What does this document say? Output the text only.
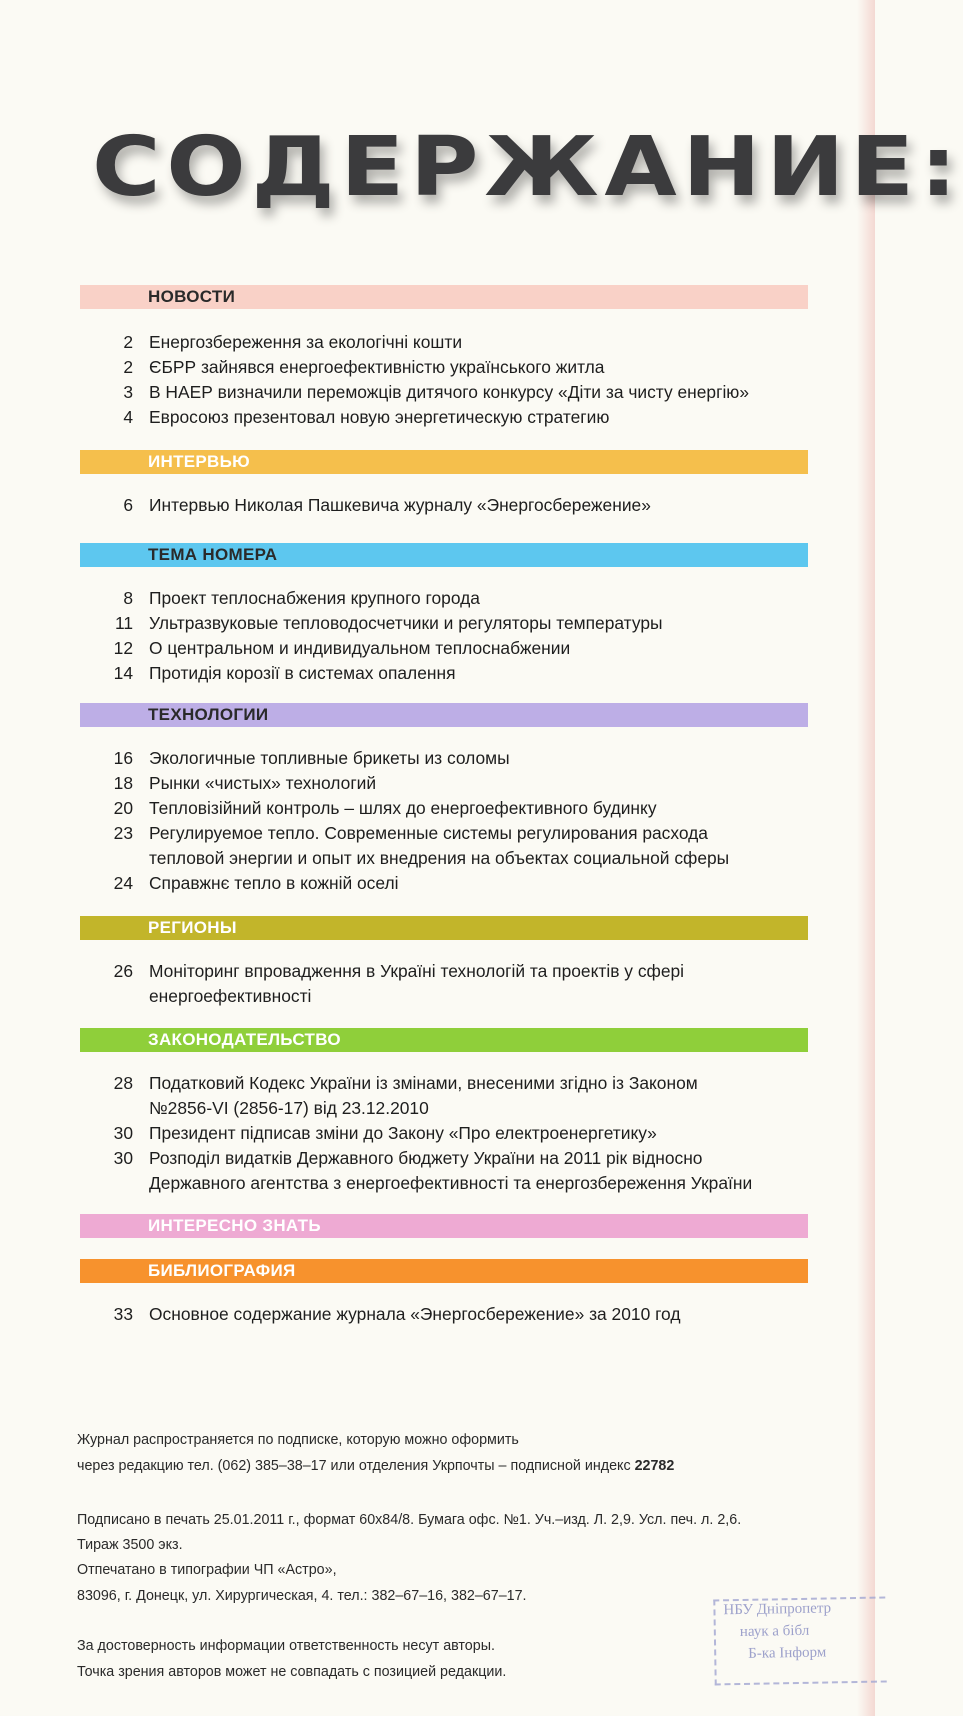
СОДЕРЖАНИЕ:
НОВОСТИ
2 Енергозбереження за екологічні кошти
2 ЄБРР зайнявся енергоефективністю українського житла
3 В НАЕР визначили переможців дитячого конкурсу «Діти за чисту енергію»
4 Евросоюз презентовал новую энергетическую стратегию
ИНТЕРВЬЮ
6 Интервью Николая Пашкевича журналу «Энергосбережение»
ТЕМА НОМЕРА
8 Проект теплоснабжения крупного города
11 Ультразвуковые тепловодосчетчики и регуляторы температуры
12 О центральном и индивидуальном теплоснабжении
14 Протидія корозії в системах опалення
ТЕХНОЛОГИИ
16 Экологичные топливные брикеты из соломы
18 Рынки «чистых» технологий
20 Тепловізійний контроль – шлях до енергоефективного будинку
23 Регулируемое тепло. Современные системы регулирования расхода
тепловой энергии и опыт их внедрения на объектах социальной сферы
24 Справжнє тепло в кожній оселі
РЕГИОНЫ
26 Моніторинг впровадження в Україні технологій та проектів у сфері
енергоефективності
ЗАКОНОДАТЕЛЬСТВО
28 Податковий Кодекс України із змінами, внесеними згідно із Законом
№2856-VI (2856-17) від 23.12.2010
30 Президент підписав зміни до Закону «Про електроенергетику»
30 Розподіл видатків Державного бюджету України на 2011 рік відносно
Державного агентства з енергоефективності та енергозбереження України
ИНТЕРЕСНО ЗНАТЬ
БИБЛИОГРАФИЯ
33 Основное содержание журнала «Энергосбережение» за 2010 год
Журнал распространяется по подписке, которую можно оформить
через редакцию тел. (062) 385–38–17 или отделения Укрпочты – подписной индекс 22782
Подписано в печать 25.01.2011 г., формат 60х84/8. Бумага офс. №1. Уч.–изд. Л. 2,9. Усл. печ. л. 2,6.
Тираж 3500 экз.
Отпечатано в типографии ЧП «Астро»,
83096, г. Донецк, ул. Хирургическая, 4. тел.: 382–67–16, 382–67–17.
За достоверность информации ответственность несут авторы.
Точка зрения авторов может не совпадать с позицией редакции.
НБУ Дніпропетр
наук а бібл
Б-ка Інформ
